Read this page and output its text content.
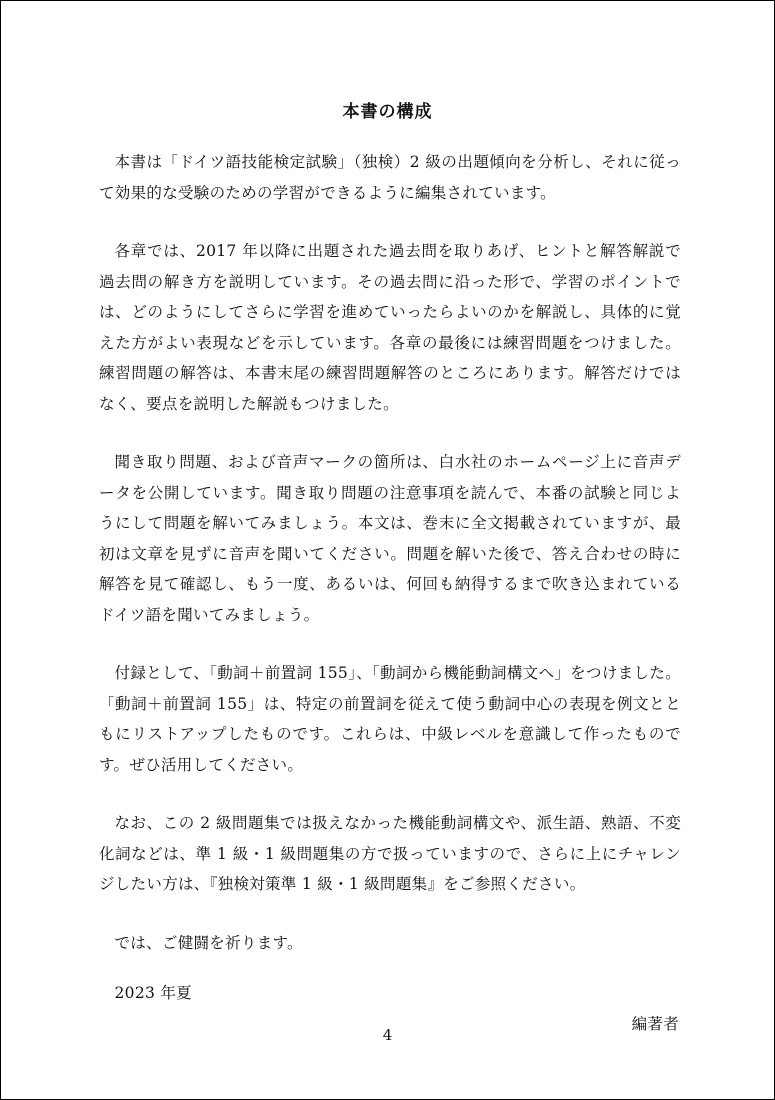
本書の構成

本書は「ドイツ語技能検定試験」（独検）2 級の出題傾向を分析し、それに従って効果的な受験のための学習ができるように編集されています。

各章では、2017 年以降に出題された過去問を取りあげ、ヒントと解答解説で過去問の解き方を説明しています。その過去問に沿った形で、学習のポイントでは、どのようにしてさらに学習を進めていったらよいのかを解説し、具体的に覚えた方がよい表現などを示しています。各章の最後には練習問題をつけました。練習問題の解答は、本書末尾の練習問題解答のところにあります。解答だけではなく、要点を説明した解説もつけました。

聞き取り問題、および音声マークの箇所は、白水社のホームページ上に音声データを公開しています。聞き取り問題の注意事項を読んで、本番の試験と同じようにして問題を解いてみましょう。本文は、巻末に全文掲載されていますが、最初は文章を見ずに音声を聞いてください。問題を解いた後で、答え合わせの時に解答を見て確認し、もう一度、あるいは、何回も納得するまで吹き込まれているドイツ語を聞いてみましょう。

付録として、「動詞＋前置詞 155」、「動詞から機能動詞構文へ」をつけました。「動詞＋前置詞 155」は、特定の前置詞を従えて使う動詞中心の表現を例文とともにリストアップしたものです。これらは、中級レベルを意識して作ったものです。ぜひ活用してください。

なお、この 2 級問題集では扱えなかった機能動詞構文や、派生語、熟語、不変化詞などは、準 1 級・1 級問題集の方で扱っていますので、さらに上にチャレンジしたい方は、『独検対策準 1 級・1 級問題集』をご参照ください。

では、ご健闘を祈ります。

2023 年夏

編著者

4
